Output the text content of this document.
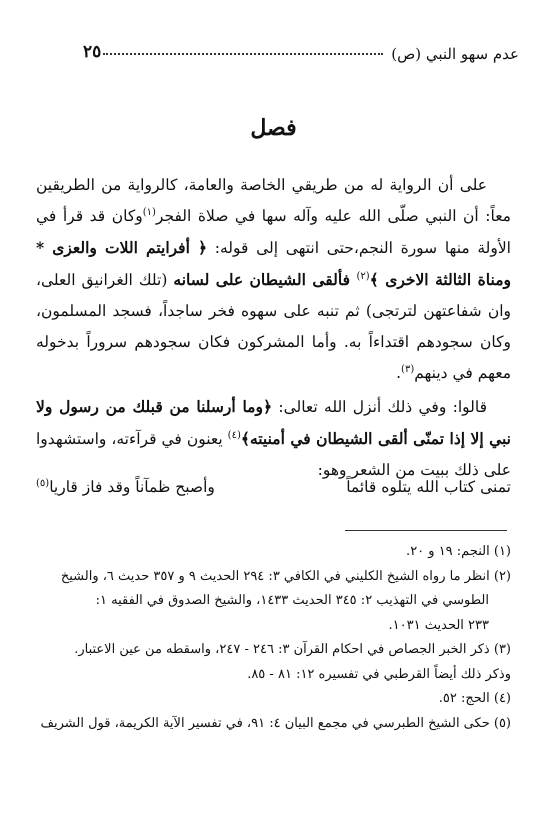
عدم سهو النبي (ص)
٢٥
فصل

على أن الرواية له من طريقي الخاصة والعامة، كالرواية من الطريقين معاً: أن النبي صلّى الله عليه وآله سها في صلاة الفجر$^{(١)}$وكان قد قرأ في الأولة منها سورة النجم،حتى انتهى إلى قوله: ﴿ أفرايتم اللات والعزى * ومناة الثالثة الاخرى ﴾$^{(٢)}$ فألقى الشيطان على لسانه (تلك الغرانيق العلى، وان شفاعتهن لترتجى) ثم تنبه على سهوه فخر ساجداً، فسجد المسلمون، وكان سجودهم اقتداءاً به. وأما المشركون فكان سجودهم سروراً بدخوله معهم في دينهم$^{(٣)}$.

قالوا: وفي ذلك أنزل الله تعالى: ﴿وما أرسلنا من قبلك من رسول ولا نبي إلا إذا تمنّى ألقى الشيطان في أمنيته﴾$^{(٤)}$ يعنون في قرآءته، واستشهدوا على ذلك ببيت من الشعر وهو:

تمنى كتاب الله يتلوه قائماً
وأصبح ظمآناً وقد فاز قاريا$^{(٥)}$

(١) النجم: ١٩ و ٢٠.

(٢) انظر ما رواه الشيخ الكليني في الكافي ٣: ٢٩٤ الحديث ٩ و ٣٥٧ حديث ٦، والشيخ

الطوسي في التهذيب ٢: ٣٤٥ الحديث ١٤٣٣، والشيخ الصدوق في الفقيه ١:

٢٣٣ الحديث ١٠٣١.

(٣) ذكر الخبر الجصاص في احكام القرآن ٣: ٢٤٦ - ٢٤٧، واسقطه من عين الاعتبار.

وذكر ذلك أيضاً القرطبي في تفسيره ١٢: ٨١ - ٨٥.

(٤) الحج: ٥٢.

(٥) حكى الشيخ الطبرسي في مجمع البيان ٤: ٩١، في تفسير الآية الكريمة، قول الشريف
